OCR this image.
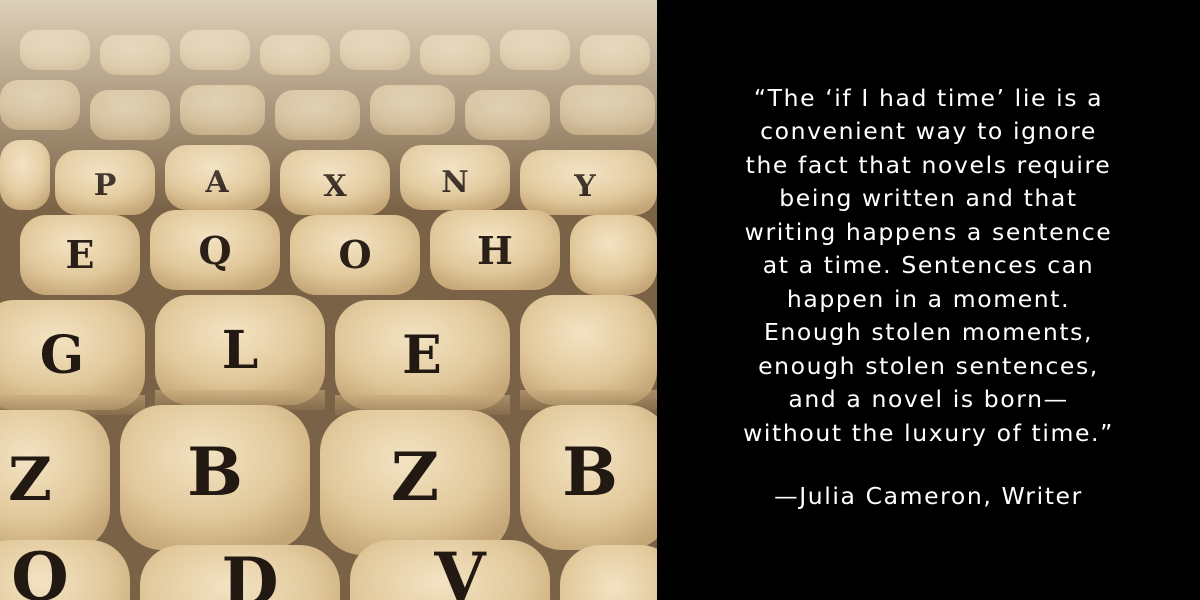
“The ‘if I had time’ lie is a
convenient way to ignore
the fact that novels require
being written and that
writing happens a sentence
at a time. Sentences can
happen in a moment.
Enough stolen moments,
enough stolen sentences,
and a novel is born—
without the luxury of time.”
—Julia Cameron, Writer
